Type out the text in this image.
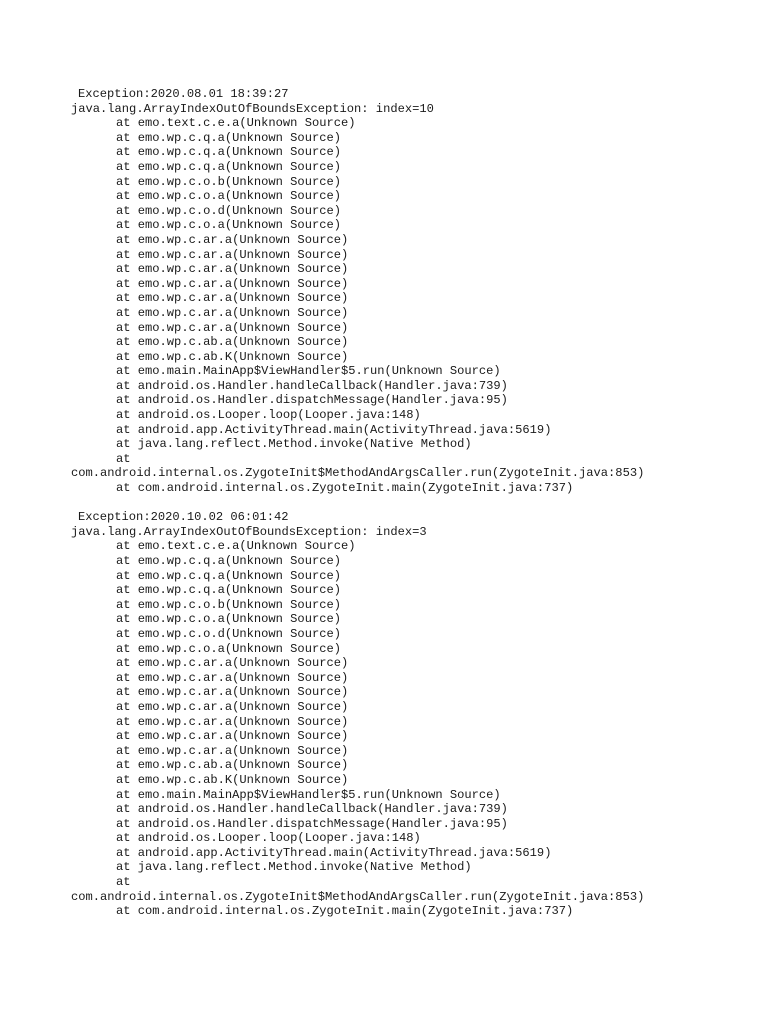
Exception:2020.08.01 18:39:27
java.lang.ArrayIndexOutOfBoundsException: index=10
at emo.text.c.e.a(Unknown Source)
at emo.wp.c.q.a(Unknown Source)
at emo.wp.c.q.a(Unknown Source)
at emo.wp.c.q.a(Unknown Source)
at emo.wp.c.o.b(Unknown Source)
at emo.wp.c.o.a(Unknown Source)
at emo.wp.c.o.d(Unknown Source)
at emo.wp.c.o.a(Unknown Source)
at emo.wp.c.ar.a(Unknown Source)
at emo.wp.c.ar.a(Unknown Source)
at emo.wp.c.ar.a(Unknown Source)
at emo.wp.c.ar.a(Unknown Source)
at emo.wp.c.ar.a(Unknown Source)
at emo.wp.c.ar.a(Unknown Source)
at emo.wp.c.ar.a(Unknown Source)
at emo.wp.c.ab.a(Unknown Source)
at emo.wp.c.ab.K(Unknown Source)
at emo.main.MainApp$ViewHandler$5.run(Unknown Source)
at android.os.Handler.handleCallback(Handler.java:739)
at android.os.Handler.dispatchMessage(Handler.java:95)
at android.os.Looper.loop(Looper.java:148)
at android.app.ActivityThread.main(ActivityThread.java:5619)
at java.lang.reflect.Method.invoke(Native Method)
at
com.android.internal.os.ZygoteInit$MethodAndArgsCaller.run(ZygoteInit.java:853)
at com.android.internal.os.ZygoteInit.main(ZygoteInit.java:737)
Exception:2020.10.02 06:01:42
java.lang.ArrayIndexOutOfBoundsException: index=3
at emo.text.c.e.a(Unknown Source)
at emo.wp.c.q.a(Unknown Source)
at emo.wp.c.q.a(Unknown Source)
at emo.wp.c.q.a(Unknown Source)
at emo.wp.c.o.b(Unknown Source)
at emo.wp.c.o.a(Unknown Source)
at emo.wp.c.o.d(Unknown Source)
at emo.wp.c.o.a(Unknown Source)
at emo.wp.c.ar.a(Unknown Source)
at emo.wp.c.ar.a(Unknown Source)
at emo.wp.c.ar.a(Unknown Source)
at emo.wp.c.ar.a(Unknown Source)
at emo.wp.c.ar.a(Unknown Source)
at emo.wp.c.ar.a(Unknown Source)
at emo.wp.c.ar.a(Unknown Source)
at emo.wp.c.ab.a(Unknown Source)
at emo.wp.c.ab.K(Unknown Source)
at emo.main.MainApp$ViewHandler$5.run(Unknown Source)
at android.os.Handler.handleCallback(Handler.java:739)
at android.os.Handler.dispatchMessage(Handler.java:95)
at android.os.Looper.loop(Looper.java:148)
at android.app.ActivityThread.main(ActivityThread.java:5619)
at java.lang.reflect.Method.invoke(Native Method)
at
com.android.internal.os.ZygoteInit$MethodAndArgsCaller.run(ZygoteInit.java:853)
at com.android.internal.os.ZygoteInit.main(ZygoteInit.java:737)
